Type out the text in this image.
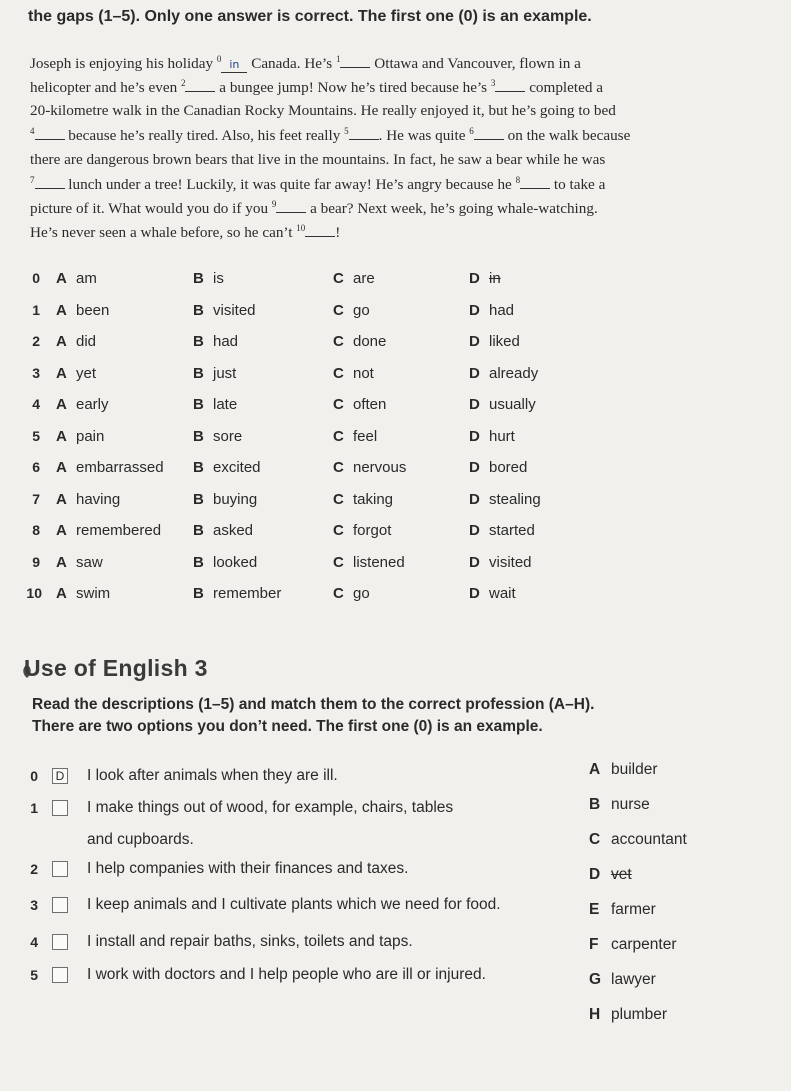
the gaps (1–5). Only one answer is correct. The first one (0) is an example.
Joseph is enjoying his holiday $^0$ in Canada. He’s $^1$ Ottawa and Vancouver, flown in a
helicopter and he’s even $^2$ a bungee jump! Now he’s tired because he’s $^3$ completed a
20-kilometre walk in the Canadian Rocky Mountains. He really enjoyed it, but he’s going to bed
$^4$ because he’s really tired. Also, his feet really $^5$ . He was quite $^6$ on the walk because
there are dangerous brown bears that live in the mountains. In fact, he saw a bear while he was
$^7$ lunch under a tree! Luckily, it was quite far away! He’s angry because he $^8$ to take a
picture of it. What would you do if you $^9$ a bear? Next week, he’s going whale-watching.
He’s never seen a whale before, so he can’t $^{10}$ !
0 A am	B is	C are	D in
1 A been	B visited	C go	D had
2 A did	B had	C done	D liked
3 A yet	B just	C not	D already
4 A early	B late	C often	D usually
5 A pain	B sore	C feel	D hurt
6 A embarrassed B excited	C nervous	D bored
7 A having	B buying	C taking	D stealing
8 A remembered B asked	C forgot	D started
9 A saw	B looked	C listened	D visited
10 A swim	B remember	C go	D wait
Use of English 3
Read the descriptions (1–5) and match them to the correct profession (A–H).
There are two options you don’t need. The first one (0) is an example.
0	D I look after animals when they are ill.
1	I make things out of wood, for example, chairs, tables
and cupboards.
2	I help companies with their finances and taxes.
3	I keep animals and I cultivate plants which we need for food.
4	I install and repair baths, sinks, toilets and taps.
5	I work with doctors and I help people who are ill or injured.
A builder
B nurse
C accountant
D vet
E farmer
F carpenter
G lawyer
H plumber
